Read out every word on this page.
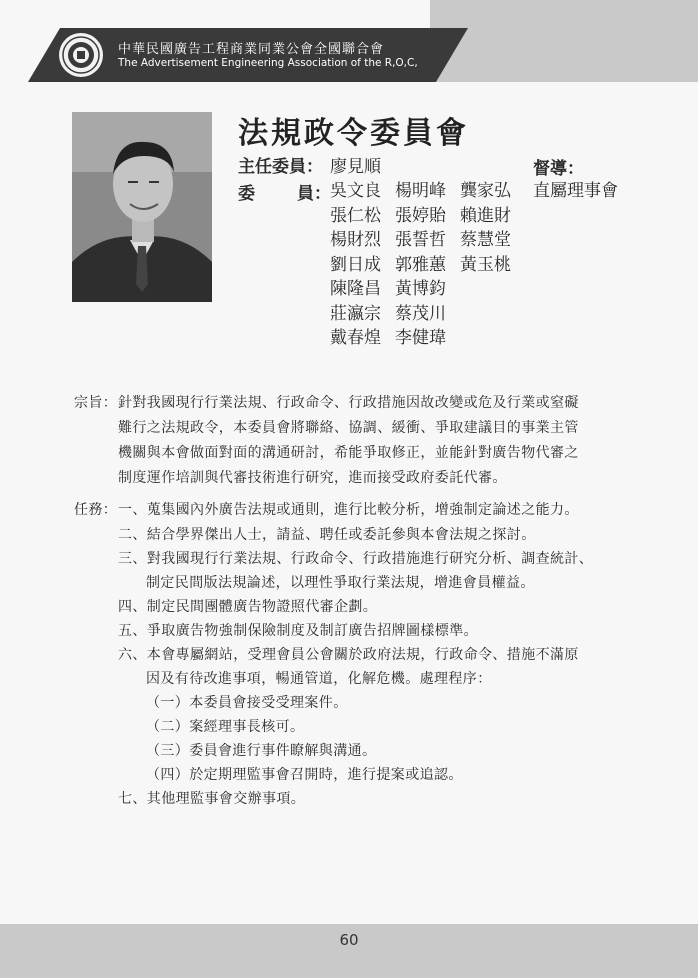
中華民國廣告工程商業同業公會全國聯合會
The Advertisement Engineering Association of the R,O,C,
法規政令委員會
主任委員： 廖見順	督導：
直屬理事會
委 員： 吳文良
張仁松
楊財烈
劉日成
陳隆昌
莊瀛宗
戴春煌
楊明峰
張婷貽
張誓哲
郭雅蕙
黃博鈞
蔡茂川
李健瑋
龔家弘
賴進財
蔡慧堂
黃玉桃
宗旨： 針對我國現行行業法規、行政命令、行政措施因故改變或危及行業或窒礙
難行之法規政令，本委員會將聯絡、協調、緩衝、爭取建議目的事業主管
機關與本會做面對面的溝通研討，希能爭取修正，並能針對廣告物代審之
制度運作培訓與代審技術進行研究，進而接受政府委託代審。
任務： 一、蒐集國內外廣告法規或通則，進行比較分析，增強制定論述之能力。
二、結合學界傑出人士，請益、聘任或委託參與本會法規之探討。
三、對我國現行行業法規、行政命令、行政措施進行研究分析、調查統計、
制定民間版法規論述，以理性爭取行業法規，增進會員權益。
四、制定民間團體廣告物證照代審企劃。
五、爭取廣告物強制保險制度及制訂廣告招牌圖樣標準。
六、本會專屬網站，受理會員公會關於政府法規，行政命令、措施不滿原
因及有待改進事項，暢通管道，化解危機。處理程序：
（一）本委員會接受受理案件。
（二）案經理事長核可。
（三）委員會進行事件瞭解與溝通。
（四）於定期理監事會召開時，進行提案或追認。
七、其他理監事會交辦事項。
60
